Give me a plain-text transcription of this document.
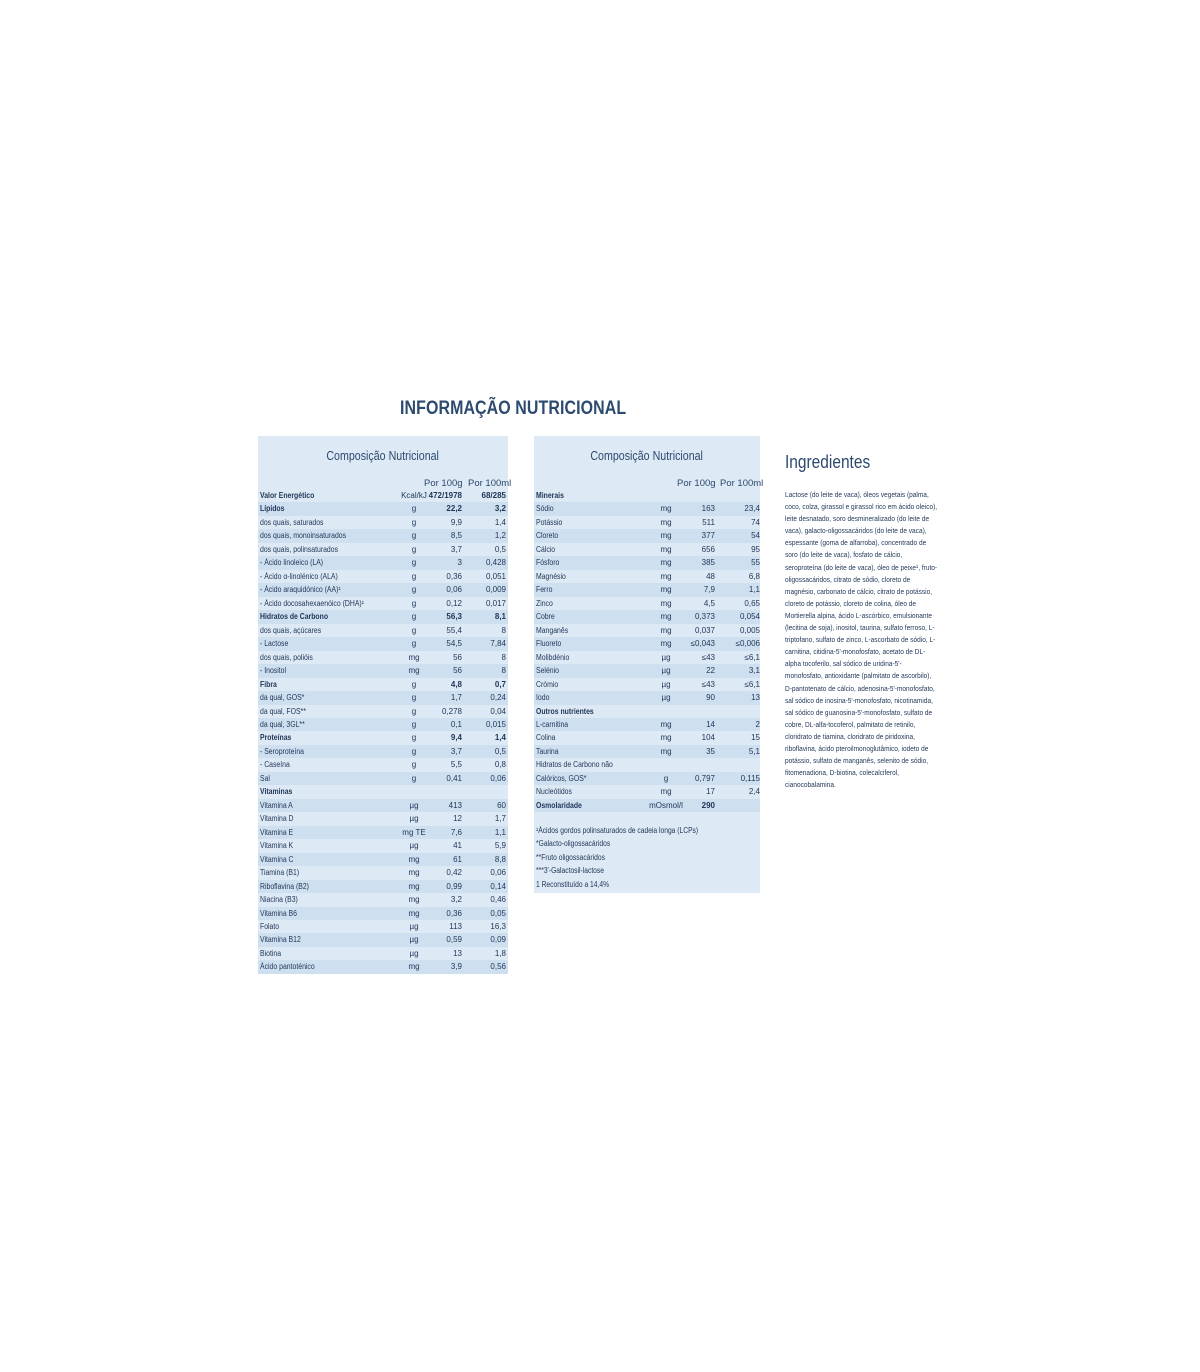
INFORMAÇÃO NUTRICIONAL
Composição Nutricional
Por 100g Por 100ml
Valor Energético	Kcal/kJ 472/1978	68/285
Lípidos	g	22,2	3,2
dos quais, saturados	g	9,9	1,4
dos quais, monoinsaturados	g	8,5	1,2
dos quais, polinsaturados	g	3,7	0,5
- Ácido linoleico (LA)	g	3	0,428
- Ácido α-linolénico (ALA)	g	0,36	0,051
- Ácido araquidónico (AA)¹	g	0,06	0,009
- Ácido docosahexaenóico (DHA)¹	g	0,12	0,017
Hidratos de Carbono	g	56,3	8,1
dos quais, açúcares	g	55,4	8
- Lactose	g	54,5	7,84
dos quais, polióis	mg	56	8
- Inositol	mg	56	8
Fibra	g	4,8	0,7
da qual, GOS*	g	1,7	0,24
da qual, FOS**	g	0,278	0,04
da qual, 3GL**	g	0,1	0,015
Proteínas	g	9,4	1,4
- Seroproteína	g	3,7	0,5
- Caseína	g	5,5	0,8
Sal	g	0,41	0,06
Vitaminas
Vitamina A	µg	413	60
Vitamina D	µg	12	1,7
Vitamina E	mg TE	7,6	1,1
Vitamina K	µg	41	5,9
Vitamina C	mg	61	8,8
Tiamina (B1)	mg	0,42	0,06
Riboflavina (B2)	mg	0,99	0,14
Niacina (B3)	mg	3,2	0,46
Vitamina B6	mg	0,36	0,05
Folato	µg	113	16,3
Vitamina B12	µg	0,59	0,09
Biotina	µg	13	1,8
Ácido pantoténico	mg	3,9	0,56
Composição Nutricional
Por 100g Por 100ml
Minerais
Sódio	mg	163	23,4
Potássio	mg	511	74
Cloreto	mg	377	54
Cálcio	mg	656	95
Fósforo	mg	385	55
Magnésio	mg	48	6,8
Ferro	mg	7,9	1,1
Zinco	mg	4,5	0,65
Cobre	mg	0,373	0,054
Manganês	mg	0,037	0,005
Fluoreto	mg	≤0,043	≤0,006
Molibdénio	µg	≤43	≤6,1
Selénio	µg	22	3,1
Crómio	µg	≤43	≤6,1
Iodo	µg	90	13
Outros nutrientes
L-carnitina	mg	14	2
Colina	mg	104	15
Taurina	mg	35	5,1
Hidratos de Carbono não
Calóricos, GOS*	g	0,797	0,115
Nucleótidos	mg	17	2,4
Osmolaridade	mOsmol/l	290
¹Ácidos gordos polinsaturados de cadeia longa (LCPs)
*Galacto-oligossacáridos
**Fruto oligossacáridos
***3'-Galactosil-lactose
1 Reconstituído a 14,4%
Ingredientes
Lactose (do leite de vaca), óleos vegetais (palma, coco, colza, girassol e girassol rico em ácido oleico), leite desnatado, soro desmineralizado (do leite de vaca), galacto-oligossacáridos (do leite de vaca), espessante (goma de alfarroba), concentrado de soro (do leite de vaca), fosfato de cálcio, seroproteína (do leite de vaca), óleo de peixe¹, fruto-oligossacáridos, citrato de sódio, cloreto de magnésio, carbonato de cálcio, citrato de potássio, cloreto de potássio, cloreto de colina, óleo de Mortierella alpina, ácido L-ascórbico, emulsionante (lecitina de soja), inositol, taurina, sulfato ferroso, L-triptofano, sulfato de zinco, L-ascorbato de sódio, L-carnitina, citidina-5'-monofosfato, acetato de DL-alpha tocoferilo, sal sódico de uridina-5'-monofosfato, antioxidante (palmitato de ascorbilo), D-pantotenato de cálcio, adenosina-5'-monofosfato, sal sódico de inosina-5'-monofosfato, nicotinamida, sal sódico de guanosina-5'-monofosfato, sulfato de cobre, DL-alfa-tocoferol, palmitato de retinilo, cloridrato de tiamina, cloridrato de piridoxina, riboflavina, ácido pteroilmonoglutâmico, iodeto de potássio, sulfato de manganês, selenito de sódio, fitomenadiona, D-biotina, colecalciferol, cianocobalamina.
